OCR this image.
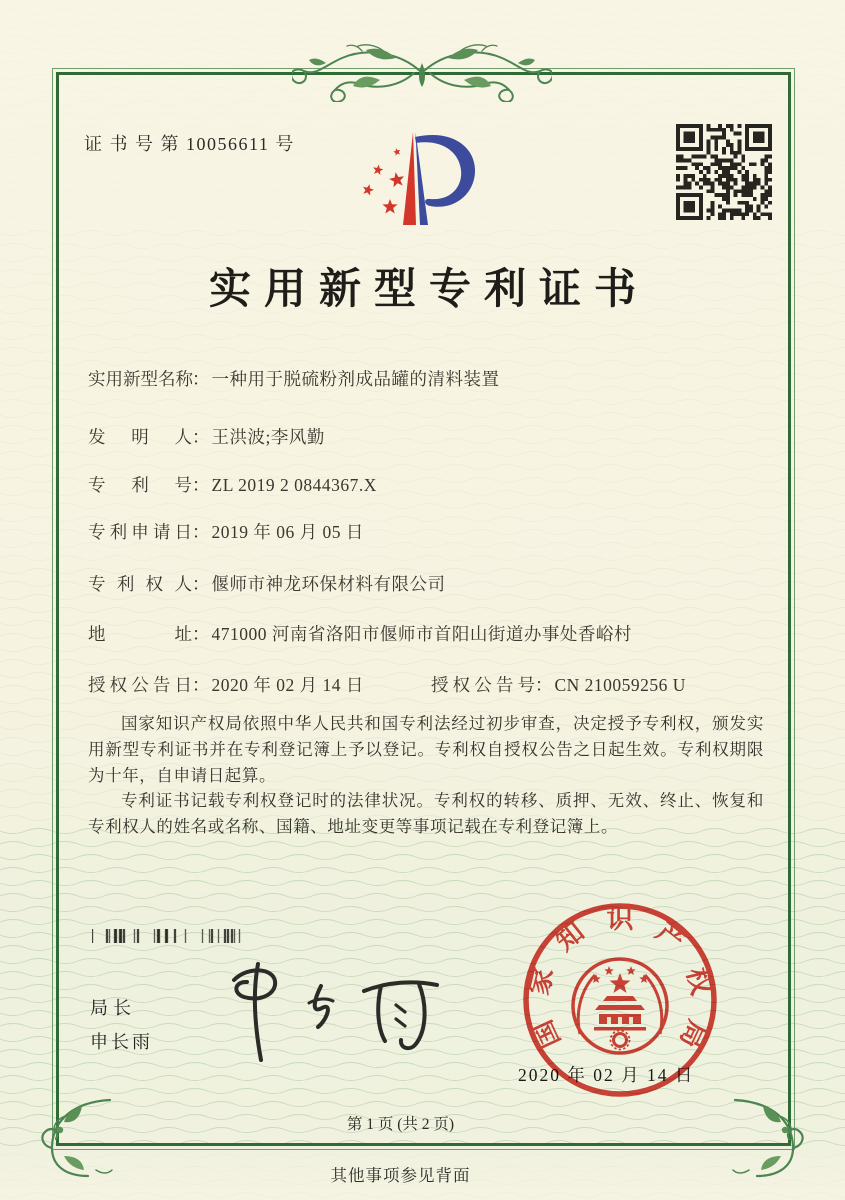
证 书 号 第 10056611 号
实用新型专利证书
实用新型名称： 一种用于脱硫粉剂成品罐的清料装置
发明人： 王洪波;李风勤
专利号： ZL 2019 2 0844367.X
专利申请日： 2019 年 06 月 05 日
专利权人： 偃师市神龙环保材料有限公司
地址： 471000 河南省洛阳市偃师市首阳山街道办事处香峪村
授权公告日： 2020 年 02 月 14 日	授权公告号： CN 210059256 U

国家知识产权局依照中华人民共和国专利法经过初步审查，决定授予专利权，颁发实用新型专利证书并在专利登记簿上予以登记。专利权自授权公告之日起生效。专利权期限为十年，自申请日起算。

专利证书记载专利权登记时的法律状况。专利权的转移、质押、无效、终止、恢复和专利权人的姓名或名称、国籍、地址变更等事项记载在专利登记簿上。

局长
申长雨
2020 年 02 月 14 日
国
家
知 识 产
权
局
第 1 页 (共 2 页)
其他事项参见背面
